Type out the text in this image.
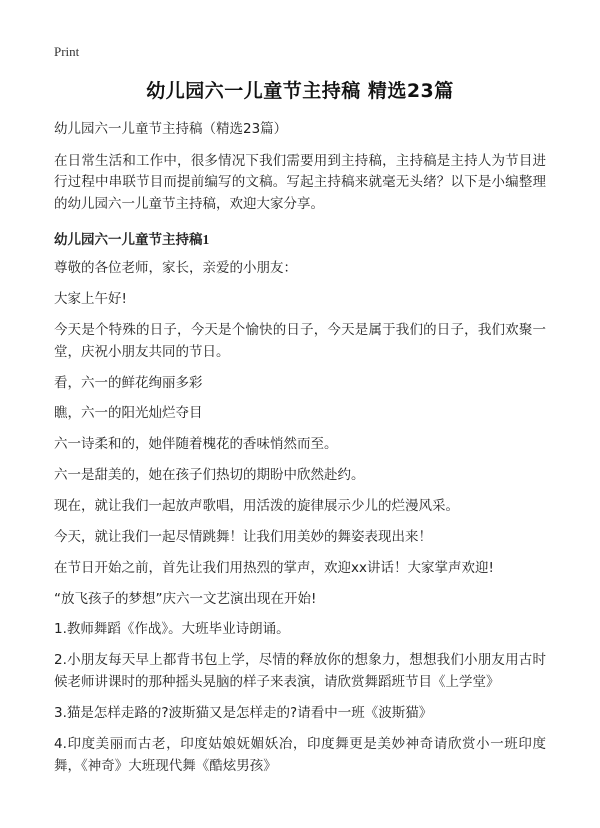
Print
幼儿园六一儿童节主持稿 精选23篇

幼儿园六一儿童节主持稿（精选23篇）

在日常生活和工作中，很多情况下我们需要用到主持稿，主持稿是主持人为节目进行过程中串联节目而提前编写的文稿。写起主持稿来就毫无头绪？以下是小编整理的幼儿园六一儿童节主持稿，欢迎大家分享。

幼儿园六一儿童节主持稿1

尊敬的各位老师，家长，亲爱的小朋友：

大家上午好!

今天是个特殊的日子，今天是个愉快的日子，今天是属于我们的日子，我们欢聚一堂，庆祝小朋友共同的节日。

看，六一的鲜花绚丽多彩

瞧，六一的阳光灿烂夺目

六一诗柔和的，她伴随着槐花的香味悄然而至。

六一是甜美的，她在孩子们热切的期盼中欣然赴约。

现在，就让我们一起放声歌唱，用活泼的旋律展示少儿的烂漫风采。

今天，就让我们一起尽情跳舞！让我们用美妙的舞姿表现出来！

在节日开始之前，首先让我们用热烈的掌声，欢迎xx讲话！大家掌声欢迎!

“放飞孩子的梦想”庆六一文艺演出现在开始!

1.教师舞蹈《作战》。大班毕业诗朗诵。

2.小朋友每天早上都背书包上学，尽情的释放你的想象力，想想我们小朋友用古时候老师讲课时的那种摇头晃脑的样子来表演，请欣赏舞蹈班节目《上学堂》

3.猫是怎样走路的?波斯猫又是怎样走的?请看中一班《波斯猫》

4.印度美丽而古老，印度姑娘妩媚妖冶，印度舞更是美妙神奇请欣赏小一班印度舞，《神奇》大班现代舞《酷炫男孩》
